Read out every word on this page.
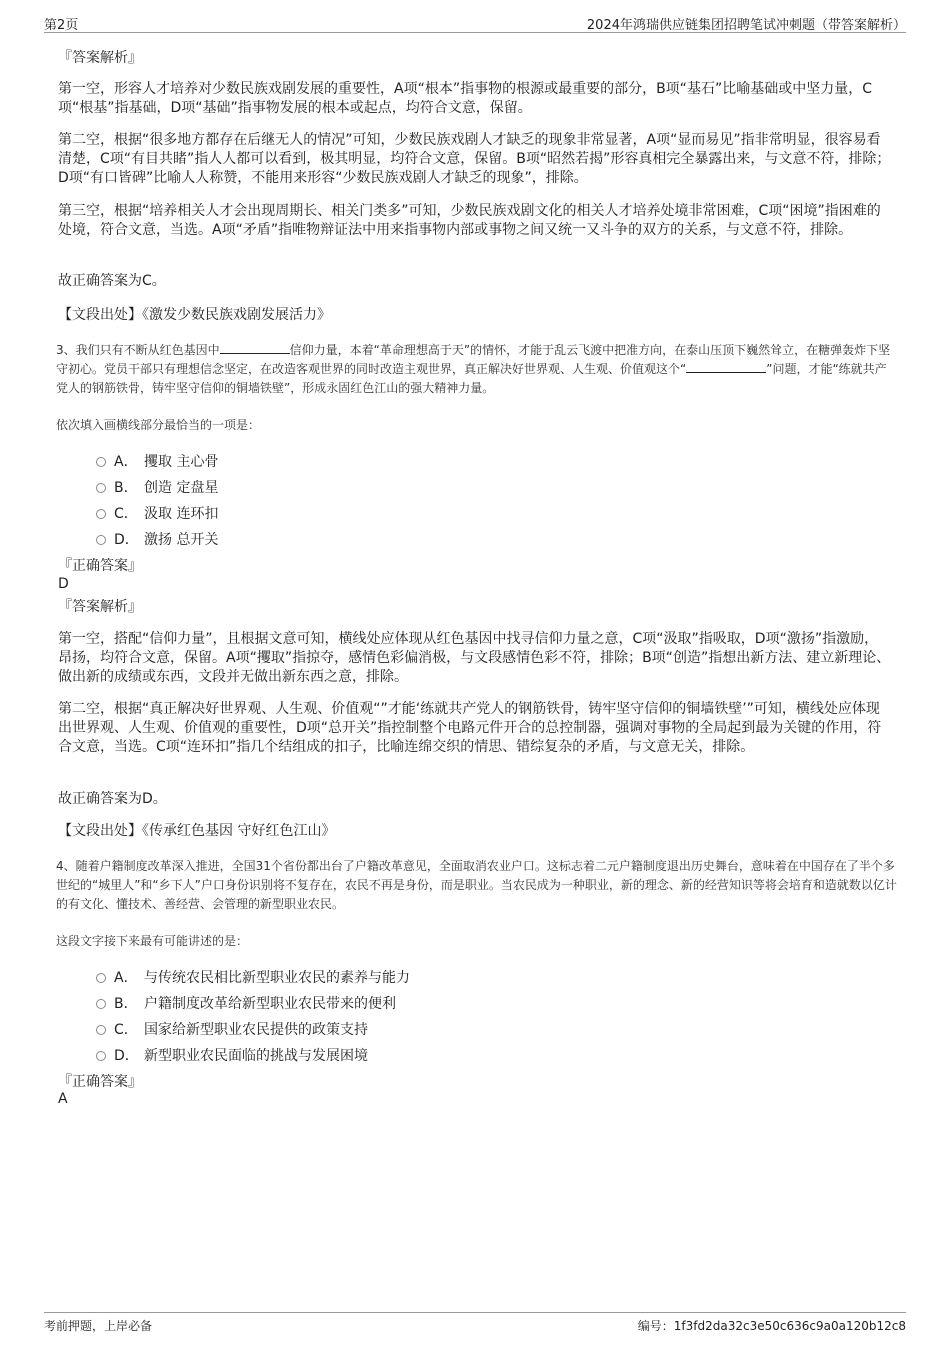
第2页	2024年鸿瑞供应链集团招聘笔试冲刺题（带答案解析）
『答案解析』
第一空，形容人才培养对少数民族戏剧发展的重要性，A项“根本”指事物的根源或最重要的部分，B项“基石”比喻基础或中坚力量，C项“根基”指基础，D项“基础”指事物发展的根本或起点，均符合文意，保留。
第二空，根据“很多地方都存在后继无人的情况”可知，少数民族戏剧人才缺乏的现象非常显著，A项“显而易见”指非常明显，很容易看清楚，C项“有目共睹”指人人都可以看到，极其明显，均符合文意，保留。B项“昭然若揭”形容真相完全暴露出来，与文意不符，排除；D项“有口皆碑”比喻人人称赞，不能用来形容“少数民族戏剧人才缺乏的现象”，排除。
第三空，根据“培养相关人才会出现周期长、相关门类多”可知，少数民族戏剧文化的相关人才培养处境非常困难，C项“困境”指困难的处境，符合文意，当选。A项“矛盾”指唯物辩证法中用来指事物内部或事物之间又统一又斗争的双方的关系，与文意不符，排除。
故正确答案为C。
【文段出处】《激发少数民族戏剧发展活力》
3、我们只有不断从红色基因中	信仰力量，本着“革命理想高于天”的情怀，才能于乱云飞渡中把准方向，在泰山压顶下巍然耸立，在糖弹轰炸下坚守初心。党员干部只有理想信念坚定，在改造客观世界的同时改造主观世界，真正解决好世界观、人生观、价值观这个“	”问题，才能“练就共产党人的钢筋铁骨，铸牢坚守信仰的铜墙铁壁”，形成永固红色江山的强大精神力量。
依次填入画横线部分最恰当的一项是：
A． 攫取 主心骨
B． 创造 定盘星
C． 汲取 连环扣
D． 激扬 总开关
『正确答案』
D
『答案解析』
第一空，搭配“信仰力量”，且根据文意可知，横线处应体现从红色基因中找寻信仰力量之意，C项“汲取”指吸取，D项“激扬”指激励，昂扬，均符合文意，保留。A项“攫取”指掠夺，感情色彩偏消极，与文段感情色彩不符，排除；B项“创造”指想出新方法、建立新理论、做出新的成绩或东西，文段并无做出新东西之意，排除。
第二空，根据“真正解决好世界观、人生观、价值观“”才能‘练就共产党人的钢筋铁骨，铸牢坚守信仰的铜墙铁壁’”可知，横线处应体现出世界观、人生观、价值观的重要性，D项“总开关”指控制整个电路元件开合的总控制器，强调对事物的全局起到最为关键的作用，符合文意，当选。C项“连环扣”指几个结组成的扣子，比喻连绵交织的情思、错综复杂的矛盾，与文意无关，排除。
故正确答案为D。
【文段出处】《传承红色基因 守好红色江山》
4、随着户籍制度改革深入推进，全国31个省份都出台了户籍改革意见，全面取消农业户口。这标志着二元户籍制度退出历史舞台，意味着在中国存在了半个多世纪的“城里人”和“乡下人”户口身份识别将不复存在，农民不再是身份，而是职业。当农民成为一种职业，新的理念、新的经营知识等将会培育和造就数以亿计的有文化、懂技术、善经营、会管理的新型职业农民。
这段文字接下来最有可能讲述的是：
A． 与传统农民相比新型职业农民的素养与能力
B． 户籍制度改革给新型职业农民带来的便利
C． 国家给新型职业农民提供的政策支持
D． 新型职业农民面临的挑战与发展困境
『正确答案』
A
考前押题，上岸必备	编号：1f3fd2da32c3e50c636c9a0a120b12c8
